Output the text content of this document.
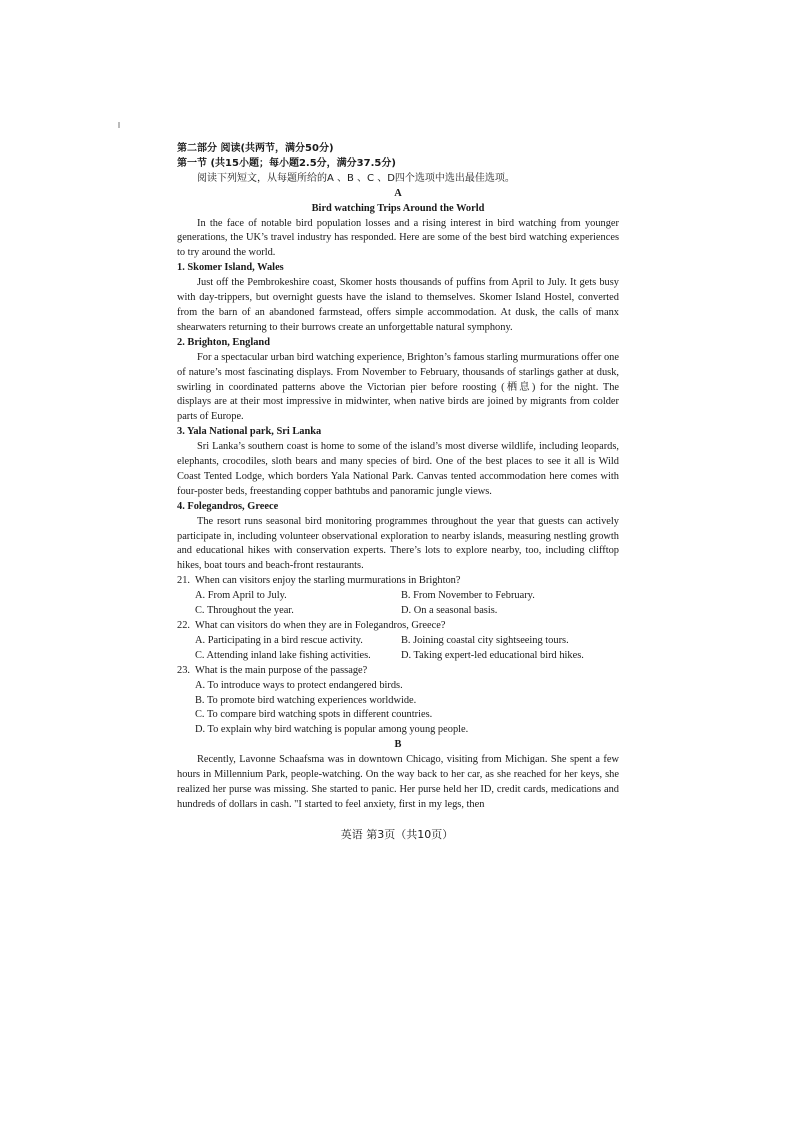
第二部分 阅读(共两节，满分50分)
第一节 (共15小题；每小题2.5分，满分37.5分)
阅读下列短文，从每题所给的A 、B 、C 、D四个选项中选出最佳选项。
A
Bird watching Trips Around the World

In the face of notable bird population losses and a rising interest in bird watching from younger generations, the UK’s travel industry has responded. Here are some of the best bird watching experiences to try around the world.

1. Skomer Island, Wales

Just off the Pembrokeshire coast, Skomer hosts thousands of puffins from April to July. It gets busy with day-trippers, but overnight guests have the island to themselves. Skomer Island Hostel, converted from the barn of an abandoned farmstead, offers simple accommodation. At dusk, the calls of manx shearwaters returning to their burrows create an unforgettable natural symphony.

2. Brighton, England

For a spectacular urban bird watching experience, Brighton’s famous starling murmurations offer one of nature’s most fascinating displays. From November to February, thousands of starlings gather at dusk, swirling in coordinated patterns above the Victorian pier before roosting (栖息) for the night. The displays are at their most impressive in midwinter, when native birds are joined by migrants from colder parts of Europe.

3. Yala National park, Sri Lanka

Sri Lanka’s southern coast is home to some of the island’s most diverse wildlife, including leopards, elephants, crocodiles, sloth bears and many species of bird. One of the best places to see it all is Wild Coast Tented Lodge, which borders Yala National Park. Canvas tented accommodation here comes with four-poster beds, freestanding copper bathtubs and panoramic jungle views.

4. Folegandros, Greece

The resort runs seasonal bird monitoring programmes throughout the year that guests can actively participate in, including volunteer observational exploration to nearby islands, measuring nestling growth and educational hikes with conservation experts. There’s lots to explore nearby, too, including clifftop hikes, boat tours and beach-front restaurants.

21. When can visitors enjoy the starling murmurations in Brighton?
A. From April to July.	B. From November to February.
C. Throughout the year.	D. On a seasonal basis.
22. What can visitors do when they are in Folegandros, Greece?
A. Participating in a bird rescue activity.	B. Joining coastal city sightseeing tours.
C. Attending inland lake fishing activities.	D. Taking expert-led educational bird hikes.
23. What is the main purpose of the passage?
A. To introduce ways to protect endangered birds.
B. To promote bird watching experiences worldwide.
C. To compare bird watching spots in different countries.
D. To explain why bird watching is popular among young people.
B

Recently, Lavonne Schaafsma was in downtown Chicago, visiting from Michigan. She spent a few hours in Millennium Park, people-watching. On the way back to her car, as she reached for her keys, she realized her purse was missing. She started to panic. Her purse held her ID, credit cards, medications and hundreds of dollars in cash. "I started to feel anxiety, first in my legs, then

英语 第3页（共10页）
